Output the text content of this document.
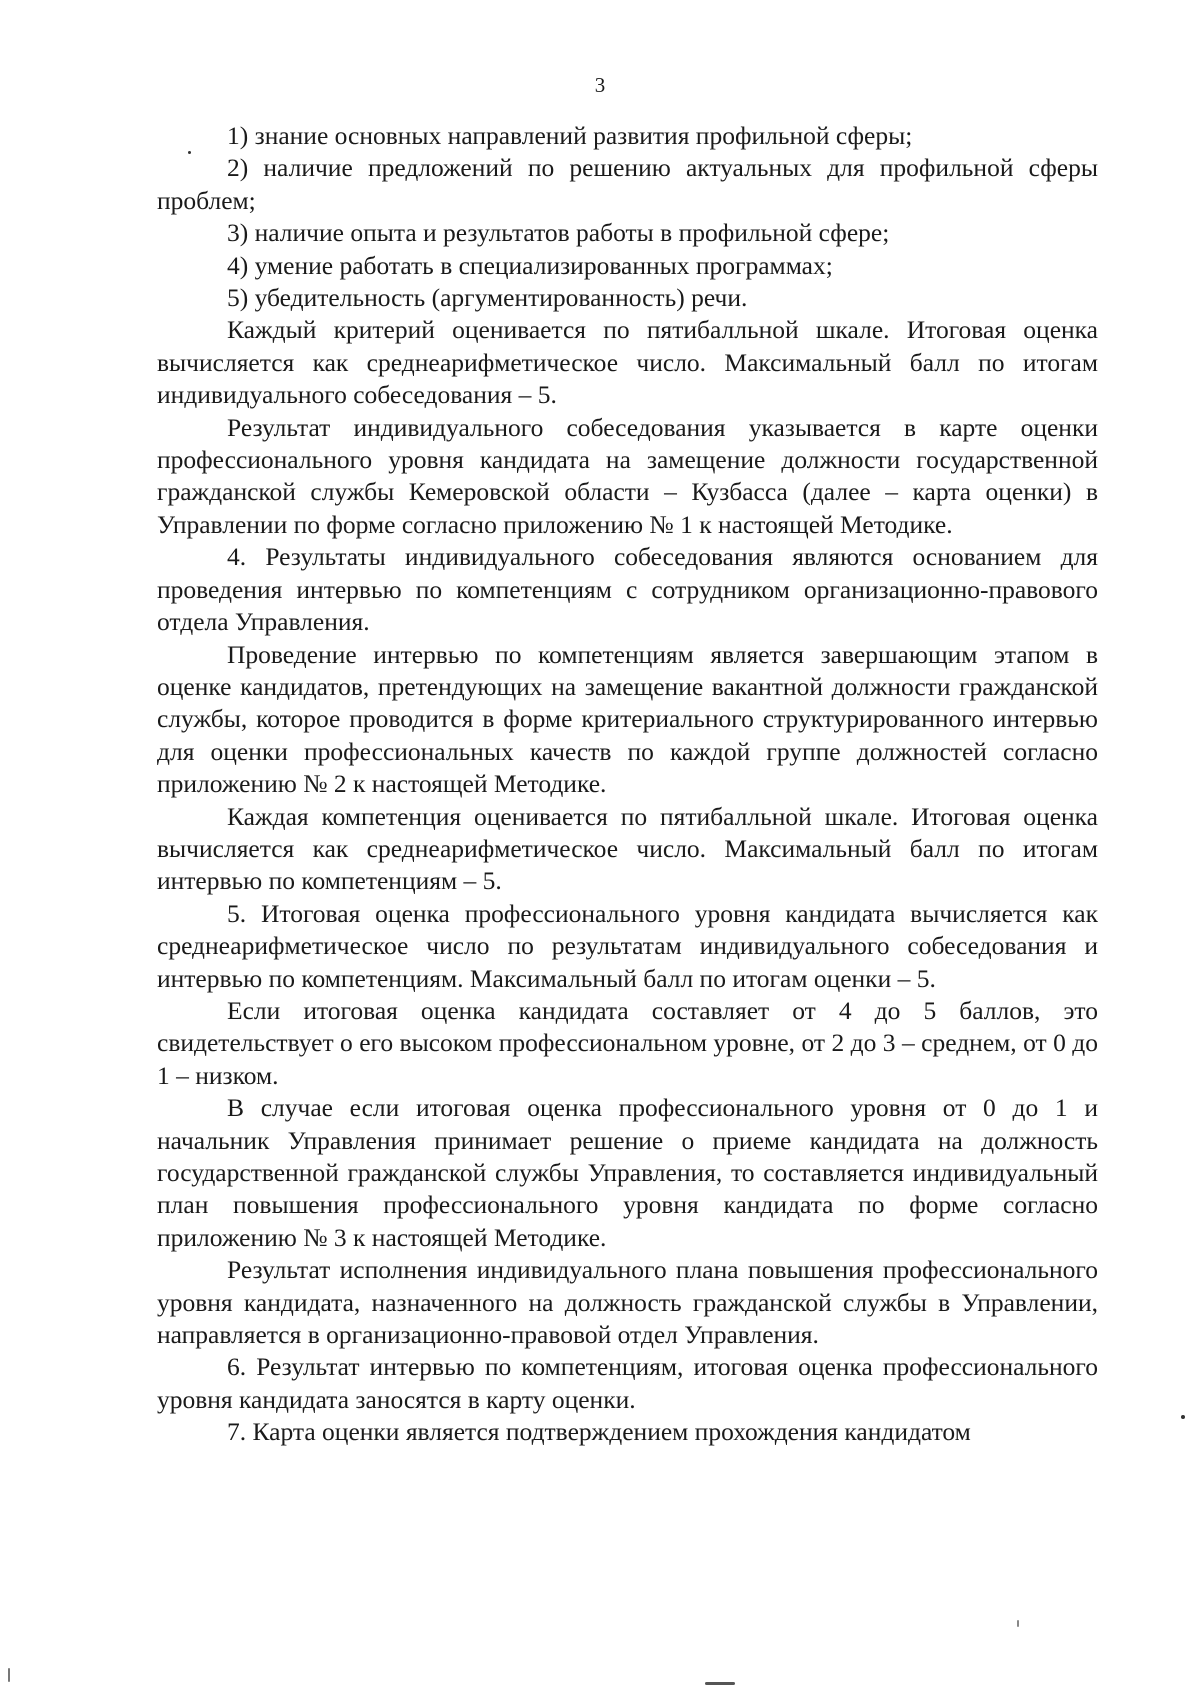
3

1) знание основных направлений развития профильной сферы;

2) наличие предложений по решению актуальных для профильной сферы проблем;

3) наличие опыта и результатов работы в профильной сфере;

4) умение работать в специализированных программах;

5) убедительность (аргументированность) речи.

Каждый критерий оценивается по пятибалльной шкале. Итоговая оценка вычисляется как среднеарифметическое число. Максимальный балл по итогам индивидуального собеседования – 5.

Результат индивидуального собеседования указывается в карте оценки профессионального уровня кандидата на замещение должности государственной гражданской службы Кемеровской области – Кузбасса (далее – карта оценки) в Управлении по форме согласно приложению № 1 к настоящей Методике.

4. Результаты индивидуального собеседования являются основанием для проведения интервью по компетенциям с сотрудником организационно-правового отдела Управления.

Проведение интервью по компетенциям является завершающим этапом в оценке кандидатов, претендующих на замещение вакантной должности гражданской службы, которое проводится в форме критериального структурированного интервью для оценки профессиональных качеств по каждой группе должностей согласно приложению № 2 к настоящей Методике.

Каждая компетенция оценивается по пятибалльной шкале. Итоговая оценка вычисляется как среднеарифметическое число. Максимальный балл по итогам интервью по компетенциям – 5.

5. Итоговая оценка профессионального уровня кандидата вычисляется как среднеарифметическое число по результатам индивидуального собеседования и интервью по компетенциям. Максимальный балл по итогам оценки – 5.

Если итоговая оценка кандидата составляет от 4 до 5 баллов, это свидетельствует о его высоком профессиональном уровне, от 2 до 3 – среднем, от 0 до 1 – низком.

В случае если итоговая оценка профессионального уровня от 0 до 1 и начальник Управления принимает решение о приеме кандидата на должность государственной гражданской службы Управления, то составляется индивидуальный план повышения профессионального уровня кандидата по форме согласно приложению № 3 к настоящей Методике.

Результат исполнения индивидуального плана повышения профессионального уровня кандидата, назначенного на должность гражданской службы в Управлении, направляется в организационно-правовой отдел Управления.

6. Результат интервью по компетенциям, итоговая оценка профессионального уровня кандидата заносятся в карту оценки.

7. Карта оценки является подтверждением прохождения кандидатом
